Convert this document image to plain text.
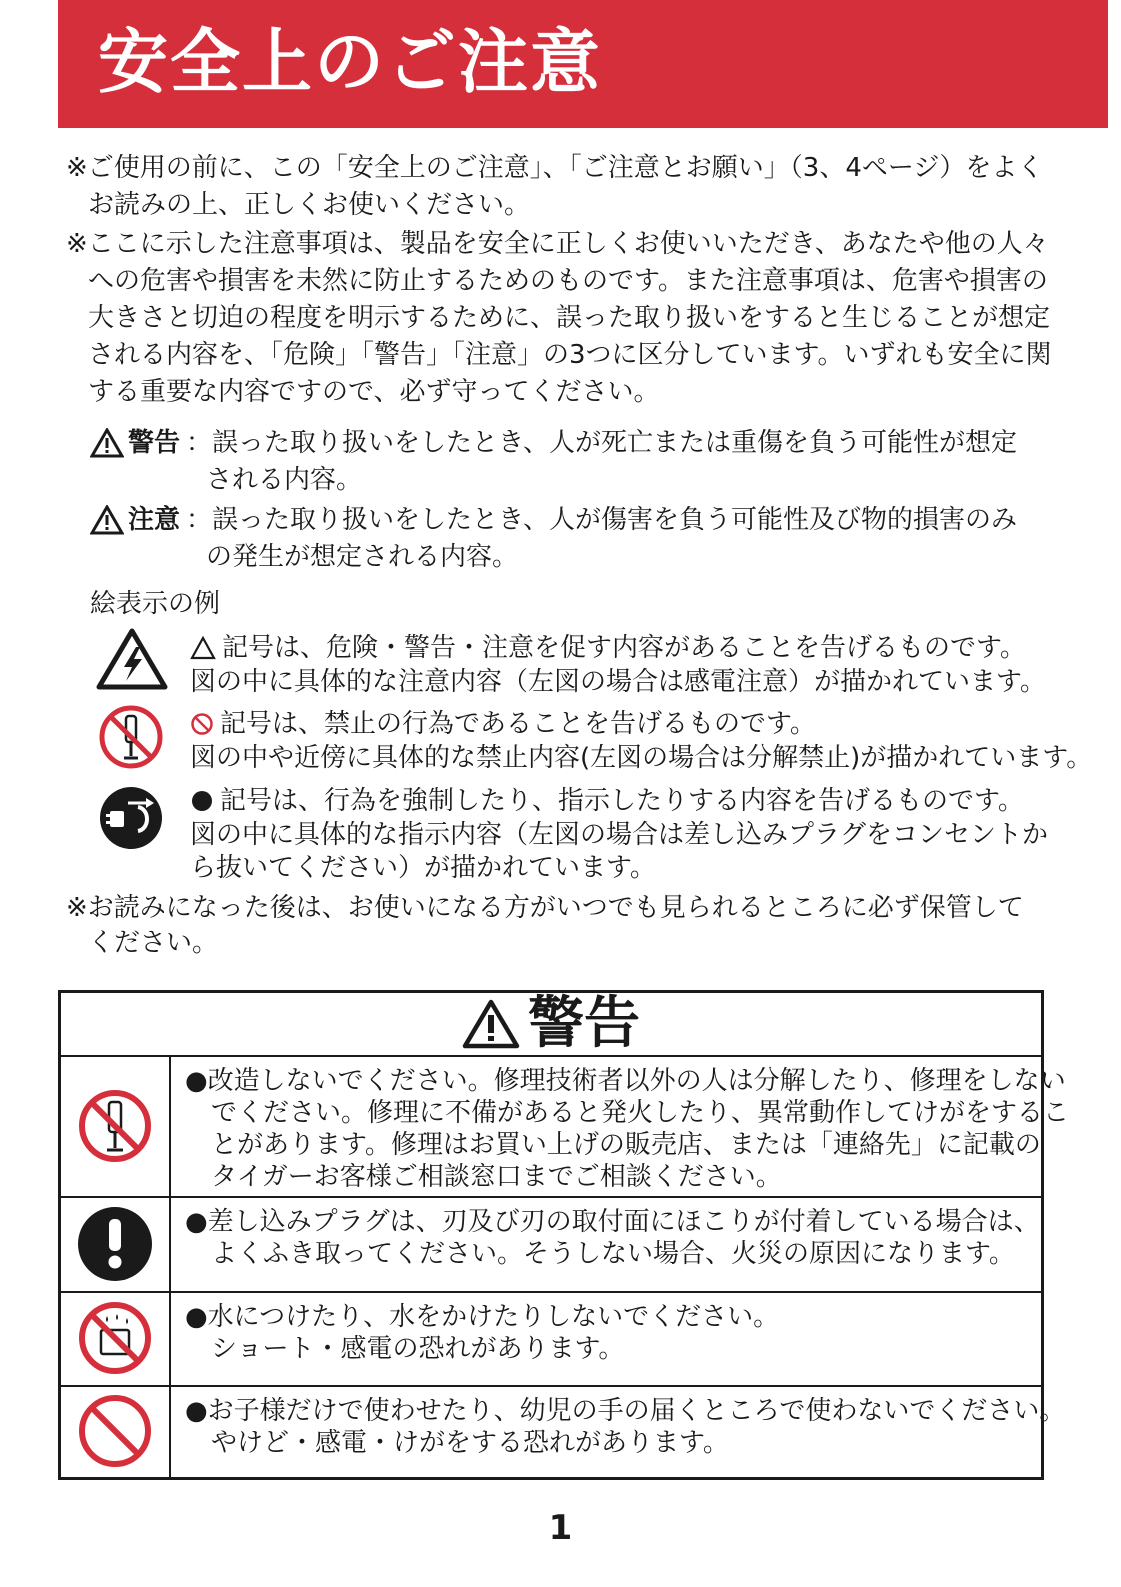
安全上のご注意
※ご使用の前に、この「安全上のご注意」、「ご注意とお願い」（3、4ページ）をよく
お読みの上、正しくお使いください。
※ここに示した注意事項は、製品を安全に正しくお使いいただき、あなたや他の人々
への危害や損害を未然に防止するためのものです。また注意事項は、危害や損害の
大きさと切迫の程度を明示するために、誤った取り扱いをすると生じることが想定
される内容を、「危険」「警告」「注意」の3つに区分しています。いずれも安全に関
する重要な内容ですので、必ず守ってください。
警告 ：誤った取り扱いをしたとき、人が死亡または重傷を負う可能性が想定
される内容。
注意 ：誤った取り扱いをしたとき、人が傷害を負う可能性及び物的損害のみ
の発生が想定される内容。
絵表示の例
記号は、危険・警告・注意を促す内容があることを告げるものです。
図の中に具体的な注意内容（左図の場合は感電注意）が描かれています。
記号は、禁止の行為であることを告げるものです。
図の中や近傍に具体的な禁止内容(左図の場合は分解禁止)が描かれています。
記号は、行為を強制したり、指示したりする内容を告げるものです。
図の中に具体的な指示内容（左図の場合は差し込みプラグをコンセントか
ら抜いてください）が描かれています。
※お読みになった後は、お使いになる方がいつでも見られるところに必ず保管して
ください。
警告
●改造しないでください。修理技術者以外の人は分解したり、修理をしない
　でください。修理に不備があると発火したり、異常動作してけがをするこ
　とがあります。修理はお買い上げの販売店、または「連絡先」に記載の
　タイガーお客様ご相談窓口までご相談ください。
●差し込みプラグは、刃及び刃の取付面にほこりが付着している場合は、
　よくふき取ってください。そうしない場合、火災の原因になります。
●水につけたり、水をかけたりしないでください。
　ショート・感電の恐れがあります。
●お子様だけで使わせたり、幼児の手の届くところで使わないでください。
　やけど・感電・けがをする恐れがあります。
1
